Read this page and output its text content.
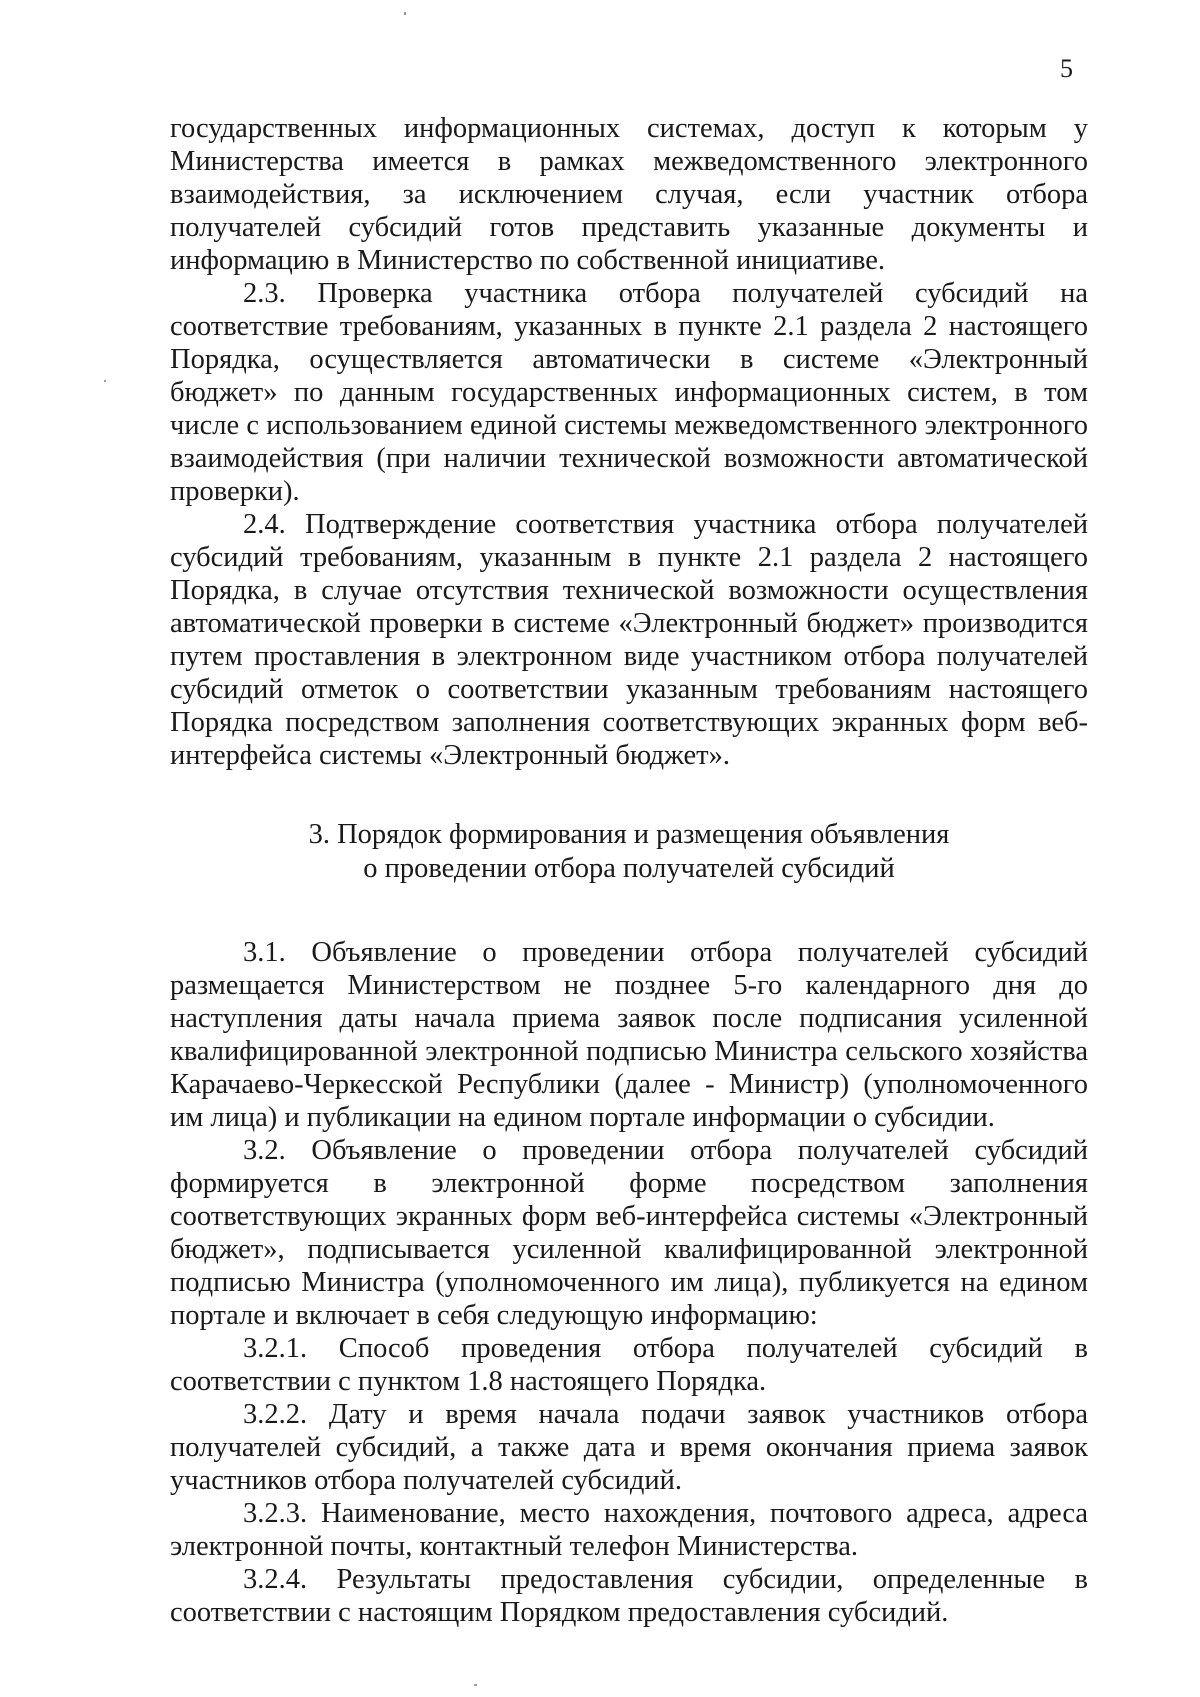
5

государственных информационных системах, доступ к которым у Министерства имеется в рамках межведомственного электронного взаимодействия, за исключением случая, если участник отбора получателей субсидий готов представить указанные документы и информацию в Министерство по собственной инициативе.

2.3. Проверка участника отбора получателей субсидий на соответствие требованиям, указанных в пункте 2.1 раздела 2 настоящего Порядка, осуществляется автоматически в системе «Электронный бюджет» по данным государственных информационных систем, в том числе с использованием единой системы межведомственного электронного взаимодействия (при наличии технической возможности автоматической проверки).

2.4. Подтверждение соответствия участника отбора получателей субсидий требованиям, указанным в пункте 2.1 раздела 2 настоящего Порядка, в случае отсутствия технической возможности осуществления автоматической проверки в системе «Электронный бюджет» производится путем проставления в электронном виде участником отбора получателей субсидий отметок о соответствии указанным требованиям настоящего Порядка посредством заполнения соответствующих экранных форм веб-интерфейса системы «Электронный бюджет».

3. Порядок формирования и размещения объявления
о проведении отбора получателей субсидий

3.1. Объявление о проведении отбора получателей субсидий размещается Министерством не позднее 5-го календарного дня до наступления даты начала приема заявок после подписания усиленной квалифицированной электронной подписью Министра сельского хозяйства Карачаево-Черкесской Республики (далее - Министр) (уполномоченного им лица) и публикации на едином портале информации о субсидии.

3.2. Объявление о проведении отбора получателей субсидий формируется в электронной форме посредством заполнения соответствующих экранных форм веб-интерфейса системы «Электронный бюджет», подписывается усиленной квалифицированной электронной подписью Министра (уполномоченного им лица), публикуется на едином портале и включает в себя следующую информацию:

3.2.1. Способ проведения отбора получателей субсидий в соответствии с пунктом 1.8 настоящего Порядка.

3.2.2. Дату и время начала подачи заявок участников отбора получателей субсидий, а также дата и время окончания приема заявок участников отбора получателей субсидий.

3.2.3. Наименование, место нахождения, почтового адреса, адреса электронной почты, контактный телефон Министерства.

3.2.4. Результаты предоставления субсидии, определенные в соответствии с настоящим Порядком предоставления субсидий.
